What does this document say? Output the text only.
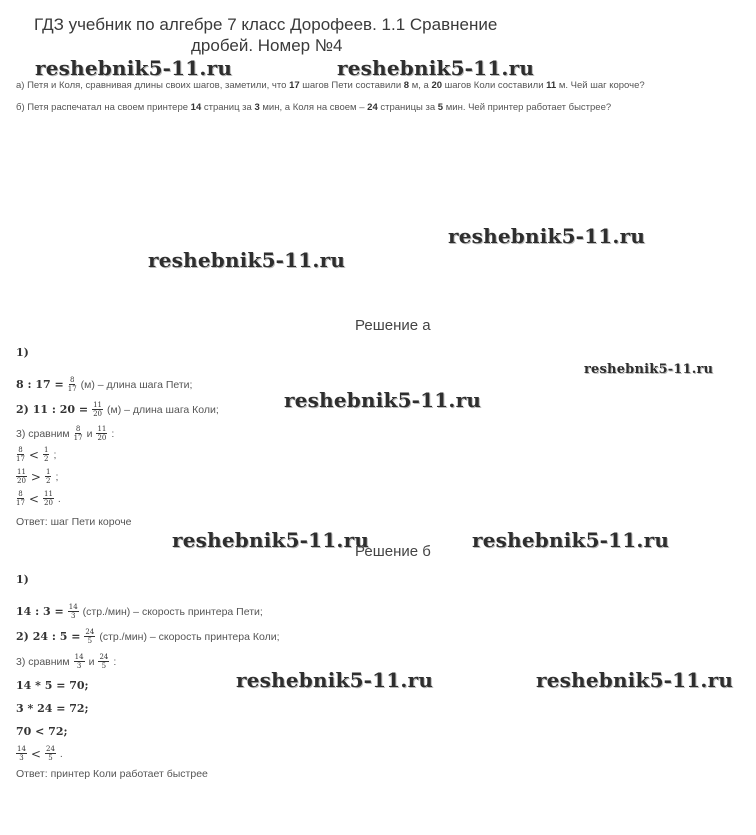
ГДЗ учебник по алгебре 7 класс Дорофеев. 1.1 Сравнение
дробей. Номер №4
reshebnik5-11.ru	reshebnik5-11.ru
reshebnik5-11.ru
reshebnik5-11.ru
reshebnik5-11.ru
reshebnik5-11.ru
reshebnik5-11.ru	reshebnik5-11.ru
reshebnik5-11.ru	reshebnik5-11.ru
а) Петя и Коля, сравнивая длины своих шагов, заметили, что 17 шагов Пети составили 8 м, а 20 шагов Коли составили 11 м. Чей шаг короче?
б) Петя распечатал на своем принтере 14 страниц за 3 мин, а Коля на своем – 24 страницы за 5 мин. Чей принтер работает быстрее?
Решение а
1)
8 : $17 = \frac{8}{17} (м)$ – длина шага Пети;
2) 11 : $20 = \frac{11}{20} (м)$ – длина шага Коли;
3) сравним $\frac{8}{17}$ и $\frac{11}{20}$ :
$\frac{8}{17} < \frac{1}{2}$ ;
$\frac{11}{20} > \frac{1}{2}$ ;
$\frac{8}{17} < \frac{11}{20}$ .
Ответ: шаг Пети короче
Решение б
1)
14 : $3 = \frac{14}{3} (стр./мин)$ – скорость принтера Пети;
2) 24 : $5 = \frac{24}{5} (стр./мин)$ – скорость принтера Коли;
3) сравним $\frac{14}{3}$ и $\frac{24}{5}$ :
14 * 5 = 70;
3 * 24 = 72;
70 < 72;
$\frac{14}{3} < \frac{24}{5}$ .
Ответ: принтер Коли работает быстрее
